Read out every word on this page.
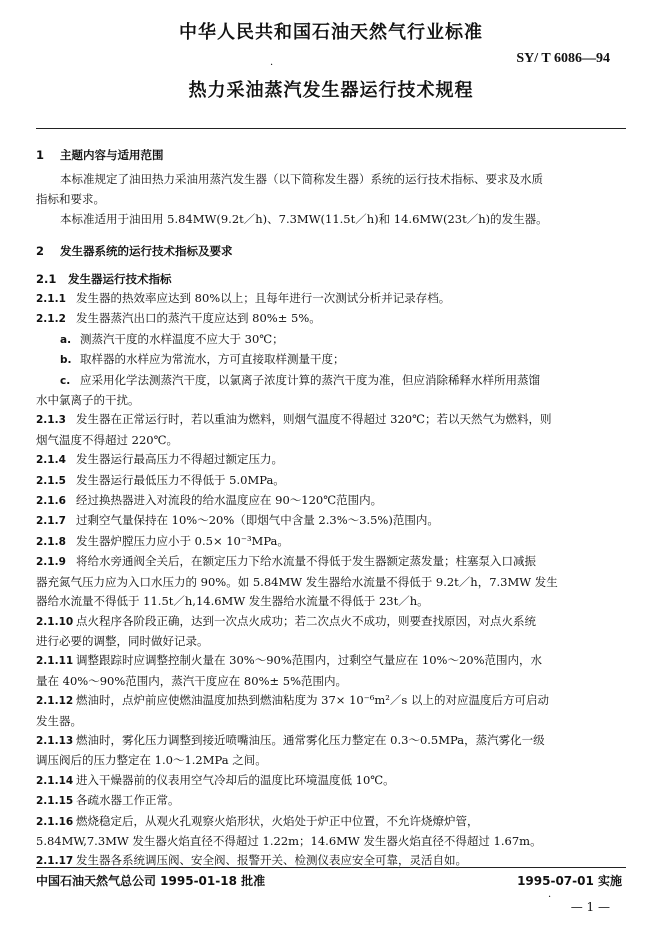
中华人民共和国石油天然气行业标准
·	SY/ T 6086—94
热力采油蒸汽发生器运行技术规程
1 主题内容与适用范围
本标准规定了油田热力采油用蒸汽发生器（以下简称发生器）系统的运行技术指标、要求及水质
指标和要求。
本标准适用于油田用 5.84MW(9.2t／h)、7.3MW(11.5t／h)和 14.6MW(23t／h)的发生器。
2 发生器系统的运行技术指标及要求
2.1 发生器运行技术指标
2.1.1 发生器的热效率应达到 80%以上；且每年进行一次测试分析并记录存档。
2.1.2 发生器蒸汽出口的蒸汽干度应达到 80%± 5%。
a. 测蒸汽干度的水样温度不应大于 30℃；
b. 取样器的水样应为常流水，方可直接取样测量干度；
c. 应采用化学法测蒸汽干度，以氯离子浓度计算的蒸汽干度为准，但应消除稀释水样所用蒸馏
水中氯离子的干扰。
2.1.3 发生器在正常运行时，若以重油为燃料，则烟气温度不得超过 320℃；若以天然气为燃料，则
烟气温度不得超过 220℃。
2.1.4 发生器运行最高压力不得超过额定压力。
2.1.5 发生器运行最低压力不得低于 5.0MPa。
2.1.6 经过换热器进入对流段的给水温度应在 90～120℃范围内。
2.1.7 过剩空气量保持在 10%～20%（即烟气中含量 2.3%～3.5%)范围内。
2.1.8 发生器炉膛压力应小于 0.5× 10⁻³MPa。
2.1.9 将给水旁通阀全关后，在额定压力下给水流量不得低于发生器额定蒸发量；柱塞泵入口减振
器充氮气压力应为入口水压力的 90%。如 5.84MW 发生器给水流量不得低于 9.2t／h，7.3MW 发生
器给水流量不得低于 11.5t／h,14.6MW 发生器给水流量不得低于 23t／h。
2.1.10 点火程序各阶段正确，达到一次点火成功；若二次点火不成功，则要查找原因，对点火系统
进行必要的调整，同时做好记录。
2.1.11 调整跟踪时应调整控制火量在 30%～90%范围内，过剩空气量应在 10%～20%范围内，水
量在 40%～90%范围内，蒸汽干度应在 80%± 5%范围内。
2.1.12 燃油时，点炉前应使燃油温度加热到燃油粘度为 37× 10⁻⁶m²／s 以上的对应温度后方可启动
发生器。
2.1.13 燃油时，雾化压力调整到接近喷嘴油压。通常雾化压力整定在 0.3～0.5MPa，蒸汽雾化一级
调压阀后的压力整定在 1.0～1.2MPa 之间。
2.1.14 进入干燥器前的仪表用空气冷却后的温度比环境温度低 10℃。
2.1.15 各疏水器工作正常。
2.1.16 燃烧稳定后，从观火孔观察火焰形状，火焰处于炉正中位置，不允许烧燎炉管，
5.84MW,7.3MW 发生器火焰直径不得超过 1.22m；14.6MW 发生器火焰直径不得超过 1.67m。
2.1.17 发生器各系统调压阀、安全阀、报警开关、检测仪表应安全可靠，灵活自如。
中国石油天然气总公司 1995-01-18 批准	1995-07-01 实施
·
— 1 —
